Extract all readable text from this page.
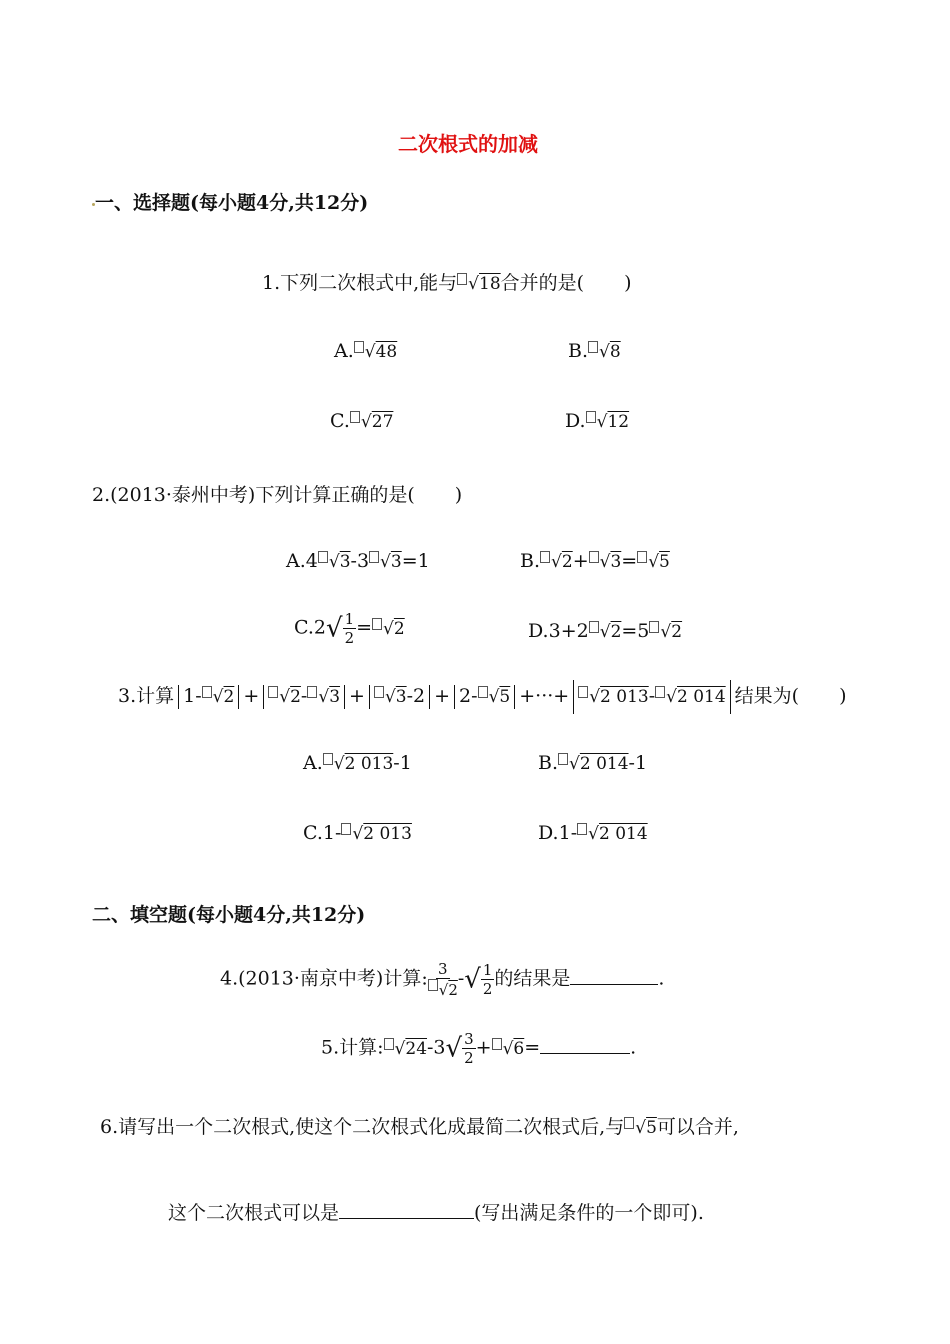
二次根式的加减
一、选择题(每小题4分,共12分)
1.下列二次根式中,能与 √18合并的是( )
A. √48	B. √8
C. √27	D. √12
2.(2013·泰州中考)下列计算正确的是( )
A.4 √3-3 √3=1	B. √2+ √3= √5
$C.2√ \frac{1}{2} = √2$	D.3+2 √2=5 √2
3.计算 1- √2 + √2- √3 + √3-2 + 2- √5 +···+ √2 013- √2 014 结果为( )
A. √2 013-1	B. √2 014-1
C.1- √2 013	D.1- √2 014
二、填空题(每小题4分,共12分)
4.(2013·南京中考)计算: $\frac{3}{√2}$ -√ $\frac{1}{2}$ 的结果是	.
5.计算: $√24-3√ \frac{3}{2} + √6=$	.
6.请写出一个二次根式,使这个二次根式化成最简二次根式后,与 √5可以合并,
这个二次根式可以是	(写出满足条件的一个即可).
